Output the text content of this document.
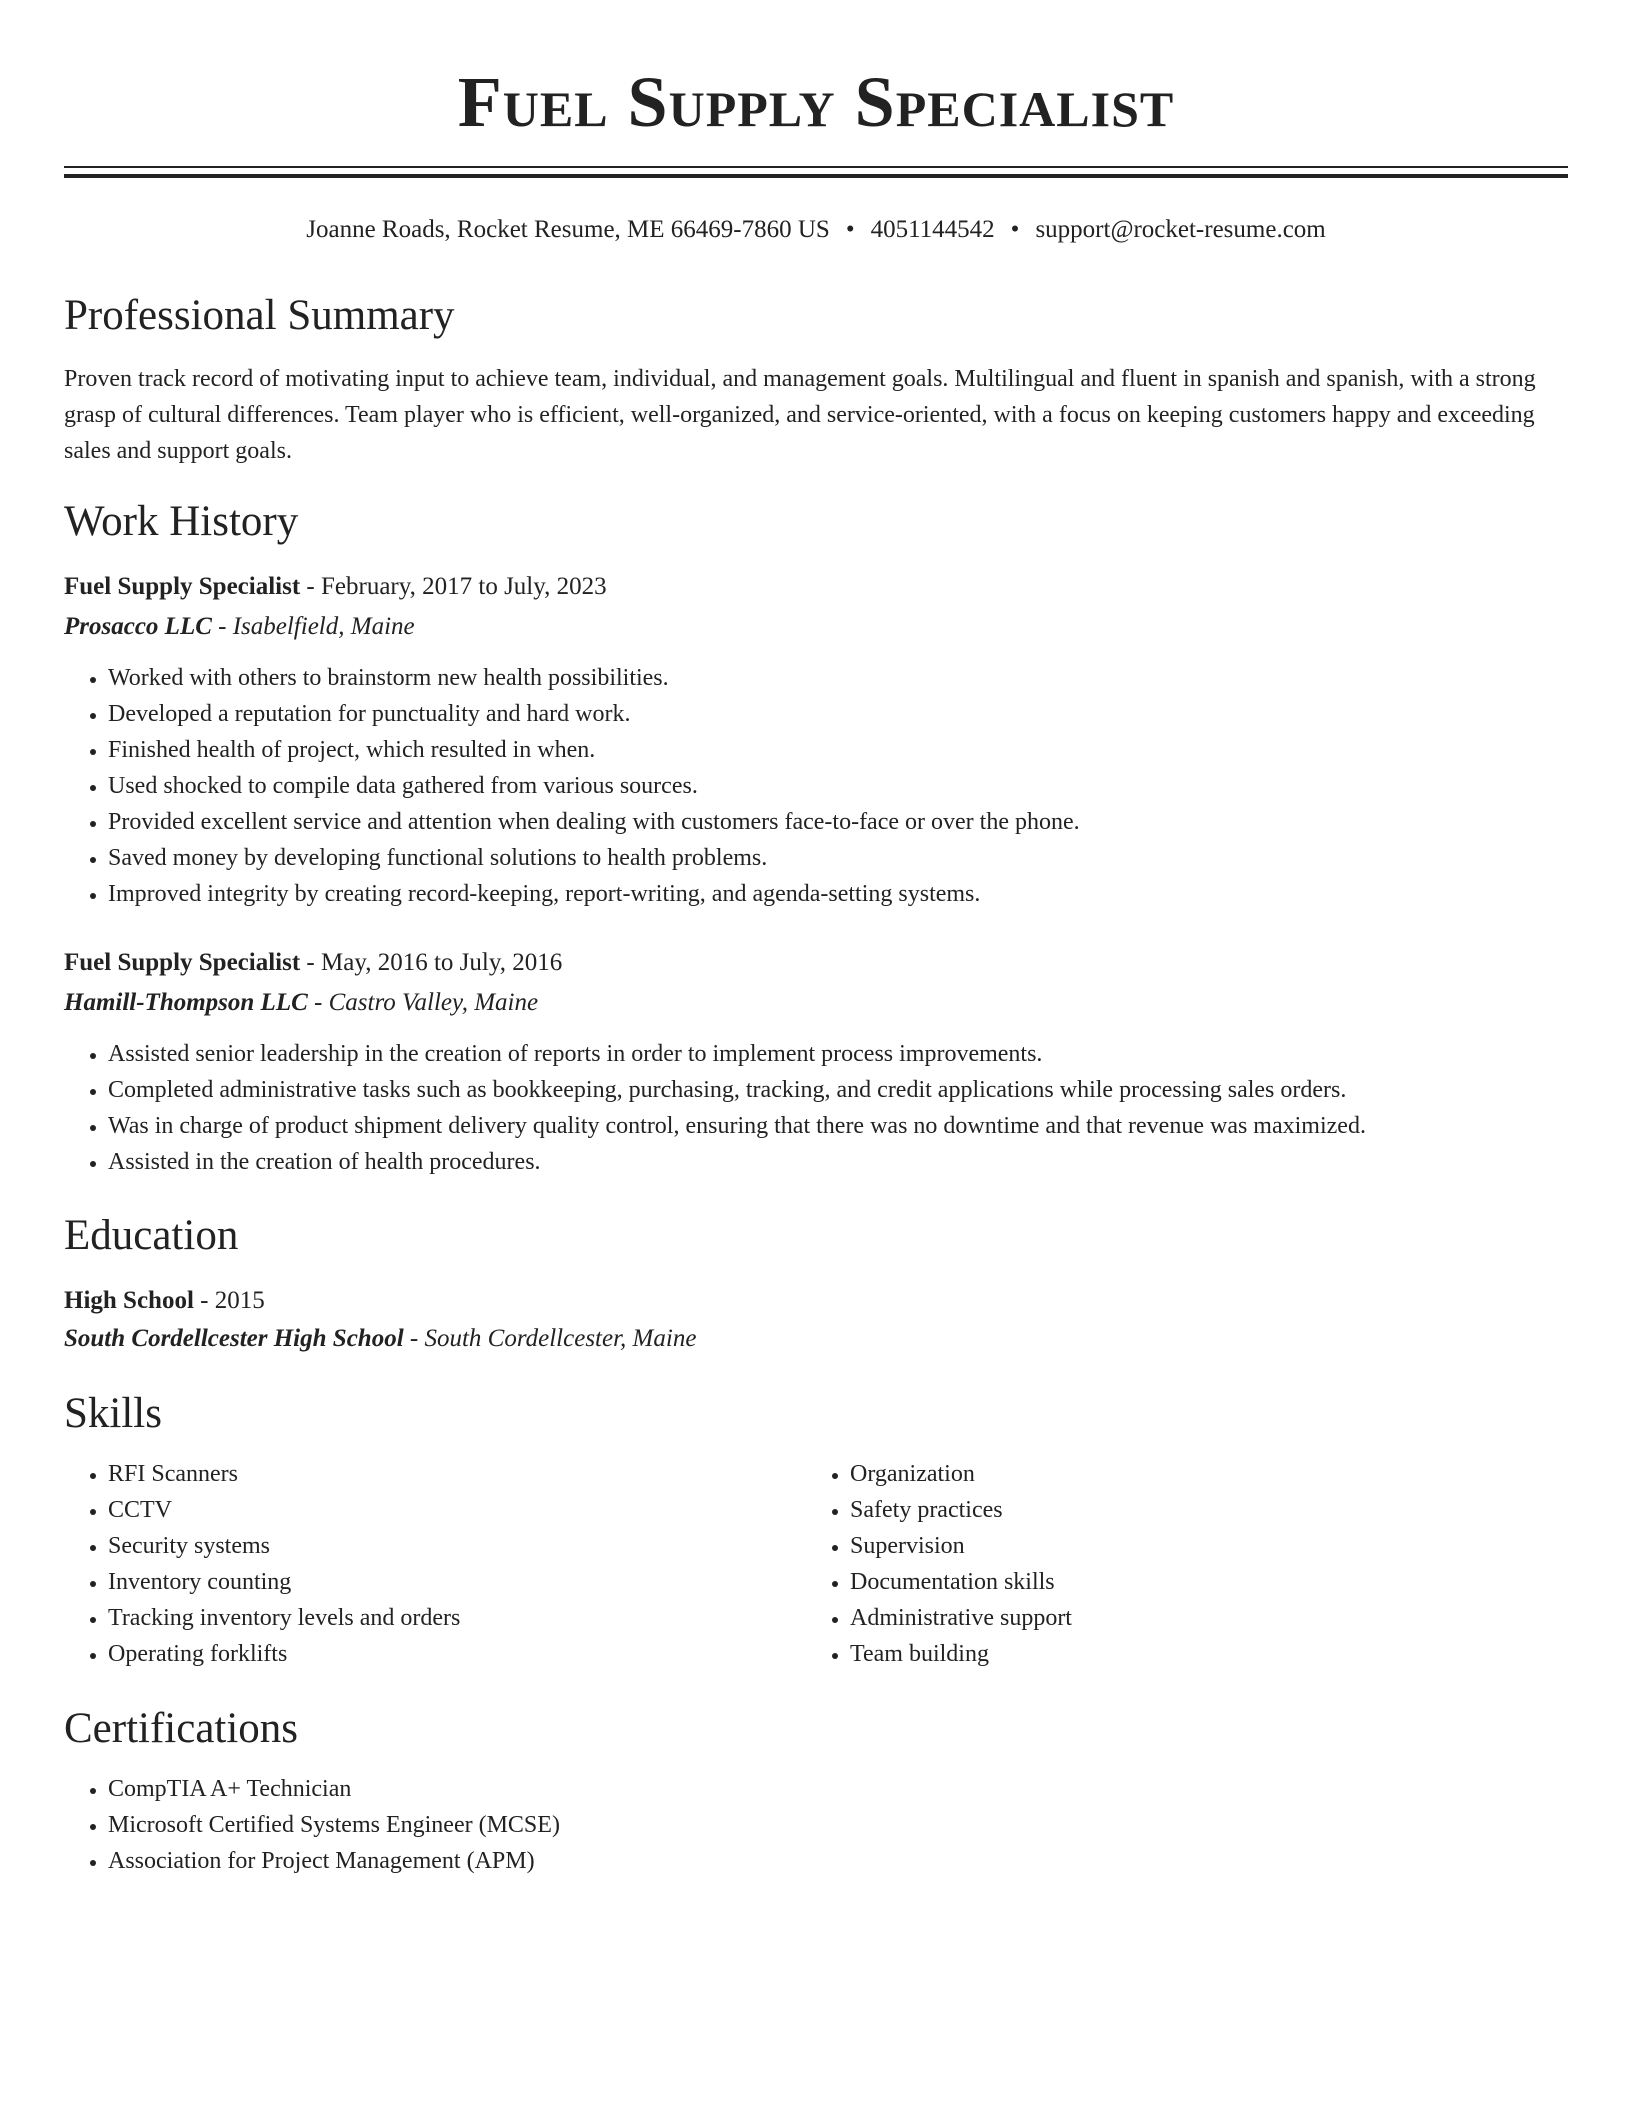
Fuel Supply Specialist
Joanne Roads, Rocket Resume, ME 66469-7860 US • 4051144542 • support@rocket-resume.com
Professional Summary

Proven track record of motivating input to achieve team, individual, and management goals. Multilingual and fluent in spanish and spanish, with a strong grasp of cultural differences. Team player who is efficient, well-organized, and service-oriented, with a focus on keeping customers happy and exceeding sales and support goals.

Work History
Fuel Supply Specialist - February, 2017 to July, 2023
Prosacco LLC - Isabelfield, Maine
• Worked with others to brainstorm new health possibilities.
• Developed a reputation for punctuality and hard work.
• Finished health of project, which resulted in when.
• Used shocked to compile data gathered from various sources.
• Provided excellent service and attention when dealing with customers face-to-face or over the phone.
• Saved money by developing functional solutions to health problems.
• Improved integrity by creating record-keeping, report-writing, and agenda-setting systems.
Fuel Supply Specialist - May, 2016 to July, 2016
Hamill-Thompson LLC - Castro Valley, Maine
• Assisted senior leadership in the creation of reports in order to implement process improvements.
• Completed administrative tasks such as bookkeeping, purchasing, tracking, and credit applications while processing sales orders.
• Was in charge of product shipment delivery quality control, ensuring that there was no downtime and that revenue was maximized.
• Assisted in the creation of health procedures.
Education
High School - 2015
South Cordellcester High School - South Cordellcester, Maine
Skills
• RFI Scanners
• CCTV
• Security systems
• Inventory counting
• Tracking inventory levels and orders
• Operating forklifts
• Organization
• Safety practices
• Supervision
• Documentation skills
• Administrative support
• Team building
Certifications
• CompTIA A+ Technician
• Microsoft Certified Systems Engineer (MCSE)
• Association for Project Management (APM)
